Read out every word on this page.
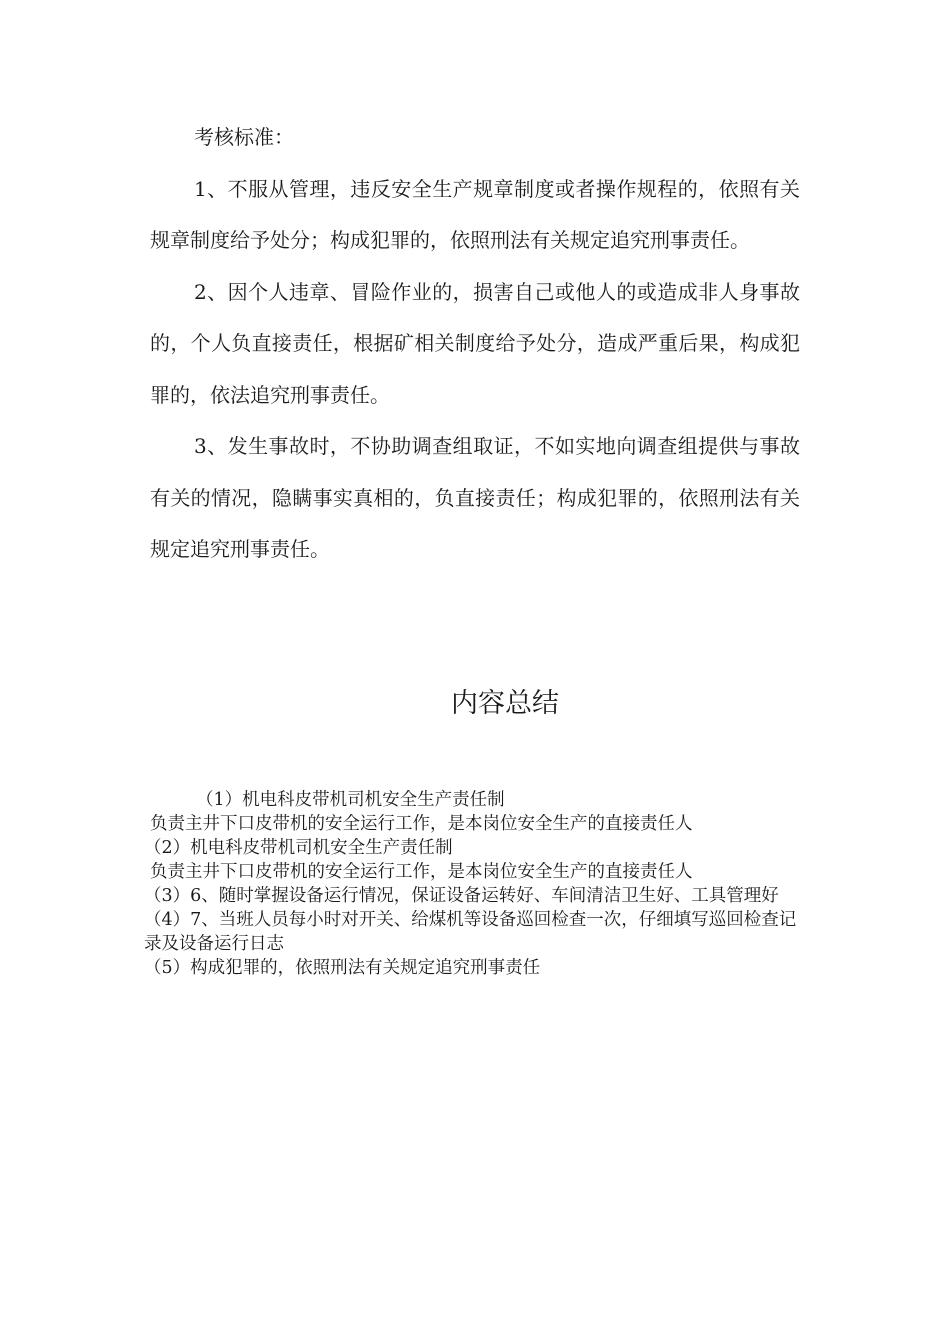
考核标准：

1、不服从管理，违反安全生产规章制度或者操作规程的，依照有关规章制度给予处分；构成犯罪的，依照刑法有关规定追究刑事责任。

2、因个人违章、冒险作业的，损害自己或他人的或造成非人身事故的，个人负直接责任，根据矿相关制度给予处分，造成严重后果，构成犯罪的，依法追究刑事责任。

3、发生事故时，不协助调查组取证，不如实地向调查组提供与事故有关的情况，隐瞒事实真相的，负直接责任；构成犯罪的，依照刑法有关规定追究刑事责任。

内容总结
（1）机电科皮带机司机安全生产责任制
负责主井下口皮带机的安全运行工作，是本岗位安全生产的直接责任人
（2）机电科皮带机司机安全生产责任制
负责主井下口皮带机的安全运行工作，是本岗位安全生产的直接责任人
（3）6、随时掌握设备运行情况，保证设备运转好、车间清洁卫生好、工具管理好
（4）7、当班人员每小时对开关、给煤机等设备巡回检查一次，仔细填写巡回检查记录及设备运行日志
（5）构成犯罪的，依照刑法有关规定追究刑事责任
